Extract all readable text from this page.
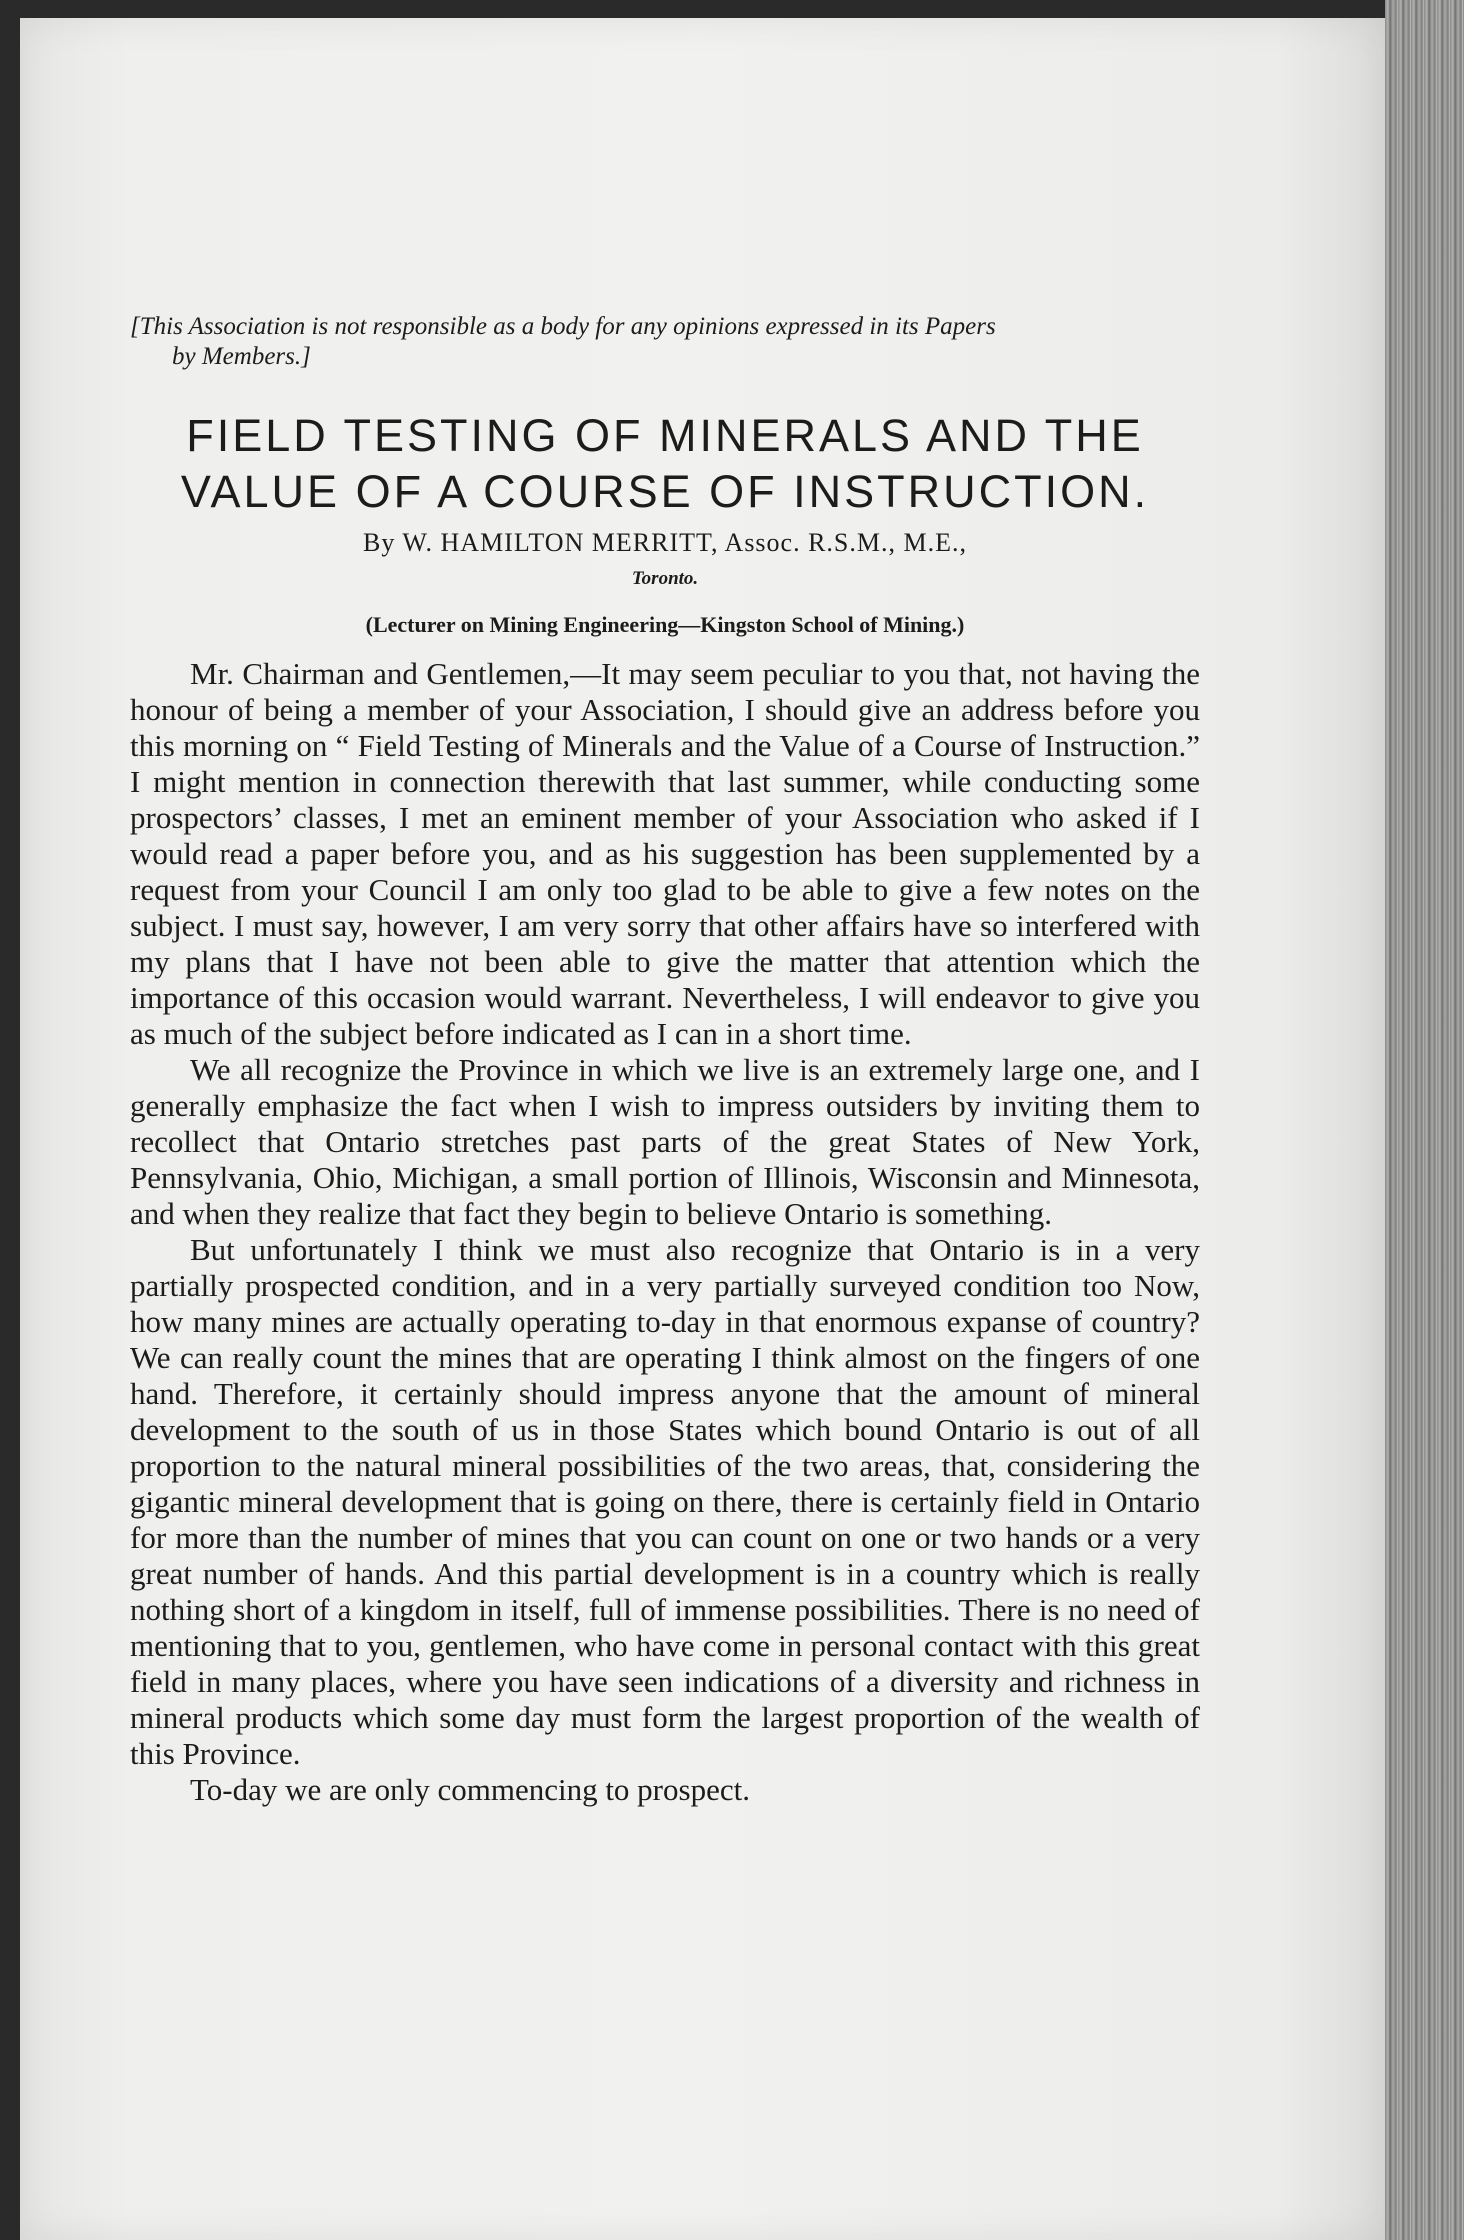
[This Association is not responsible as a body for any opinions expressed in its Papers
by Members.]
FIELD TESTING OF MINERALS AND THE
VALUE OF A COURSE OF INSTRUCTION.
By W. HAMILTON MERRITT, Assoc. R.S.M., M.E.,
Toronto.
(Lecturer on Mining Engineering—Kingston School of Mining.)

Mr. Chairman and Gentlemen,—It may seem peculiar to you that, not having the honour of being a member of your Association, I should give an address before you this morning on “ Field Testing of Minerals and the Value of a Course of Instruction.” I might mention in connection therewith that last summer, while conducting some prospectors’ classes, I met an eminent member of your Association who asked if I would read a paper before you, and as his suggestion has been supplemented by a request from your Council I am only too glad to be able to give a few notes on the subject. I must say, however, I am very sorry that other affairs have so interfered with my plans that I have not been able to give the matter that attention which the importance of this occasion would warrant. Nevertheless, I will endeavor to give you as much of the subject before indicated as I can in a short time.

We all recognize the Province in which we live is an extremely large one, and I generally emphasize the fact when I wish to impress outsiders by inviting them to recollect that Ontario stretches past parts of the great States of New York, Pennsylvania, Ohio, Michigan, a small portion of Illinois, Wisconsin and Minnesota, and when they realize that fact they begin to believe Ontario is something.

But unfortunately I think we must also recognize that Ontario is in a very partially prospected condition, and in a very partially surveyed condition too Now, how many mines are actually operating to-day in that enormous expanse of country? We can really count the mines that are operating I think almost on the fingers of one hand. Therefore, it certainly should impress anyone that the amount of mineral development to the south of us in those States which bound Ontario is out of all proportion to the natural mineral possibilities of the two areas, that, considering the gigantic mineral development that is going on there, there is certainly field in Ontario for more than the number of mines that you can count on one or two hands or a very great number of hands. And this partial development is in a country which is really nothing short of a kingdom in itself, full of immense possibilities. There is no need of mentioning that to you, gentlemen, who have come in personal contact with this great field in many places, where you have seen indications of a diversity and richness in mineral products which some day must form the largest proportion of the wealth of this Province.

To-day we are only commencing to prospect.
